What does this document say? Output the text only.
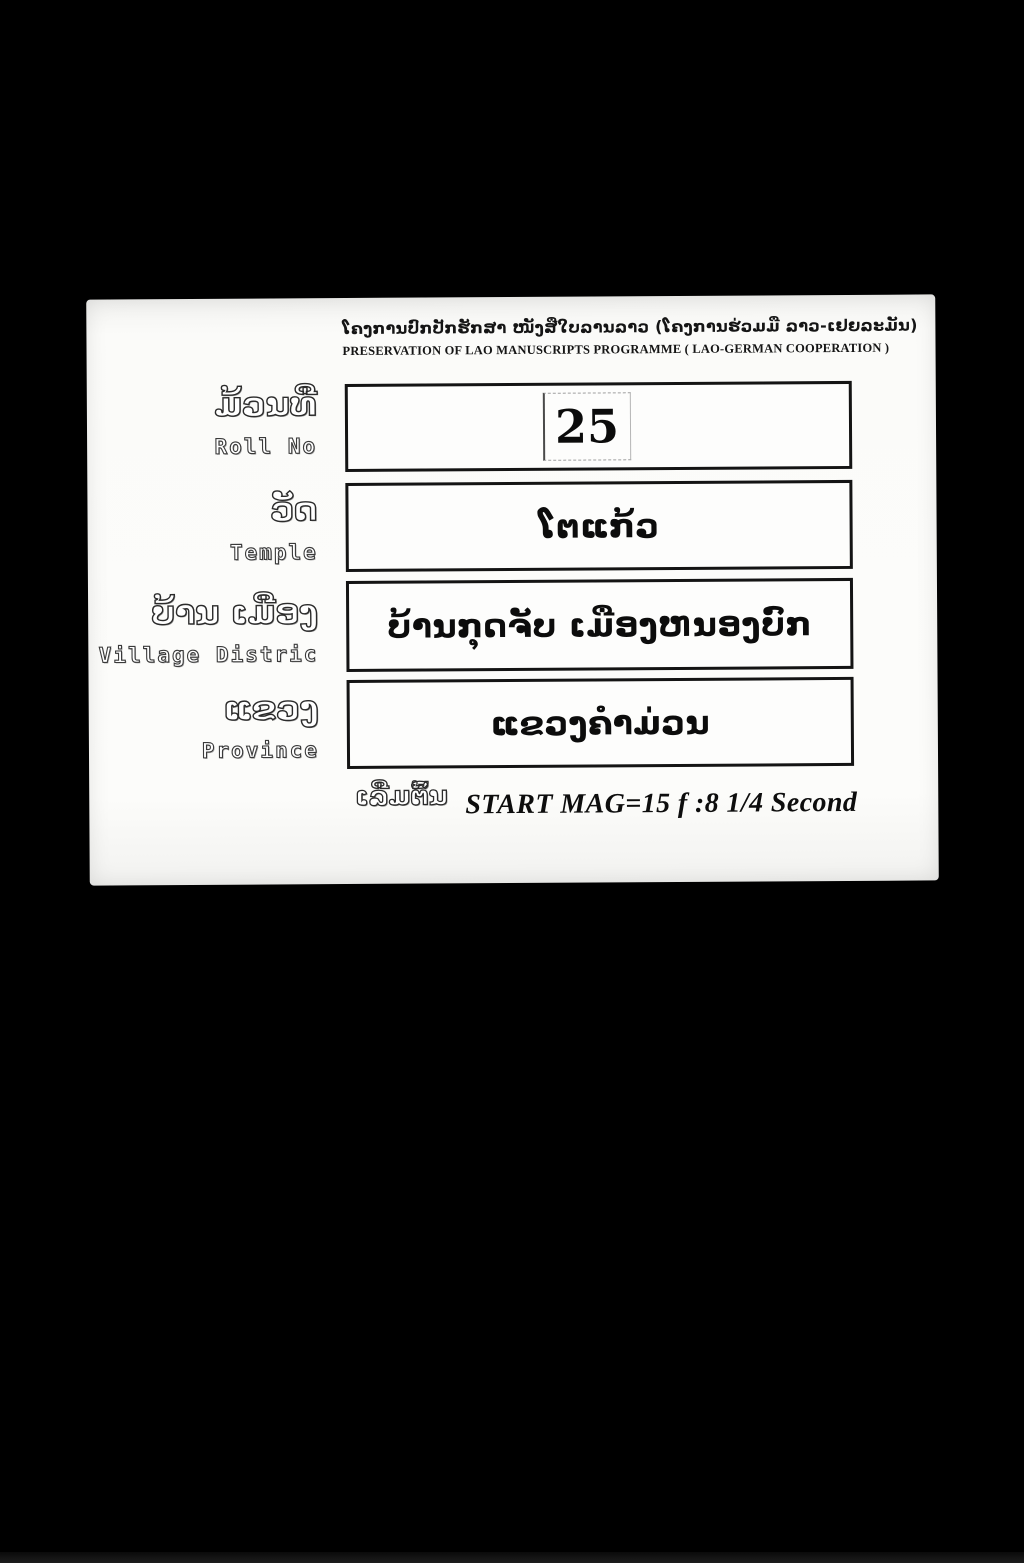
ໂຄງການປົກປັກຮັກສາ ໜັງສືໃບລານລາວ (ໂຄງການຮ່ວມມື ລາວ-ເຢຍລະມັນ)
PRESERVATION OF LAO MANUSCRIPTS PROGRAMME ( LAO-GERMAN COOPERATION )
ມ້ວນທີ່
Roll No
ວັດ
Temple
ບ້ານ ເມືອງ
Village Distric
ແຂວງ
Province
25
ໂຕແກ້ວ
ບ້ານກຸດຈັບ ເມືອງຫນອງບົກ
ແຂວງຄຳມ່ວນ
ເລີ່ມຕົ້ນ START MAG=15 f :8 1/4 Second
